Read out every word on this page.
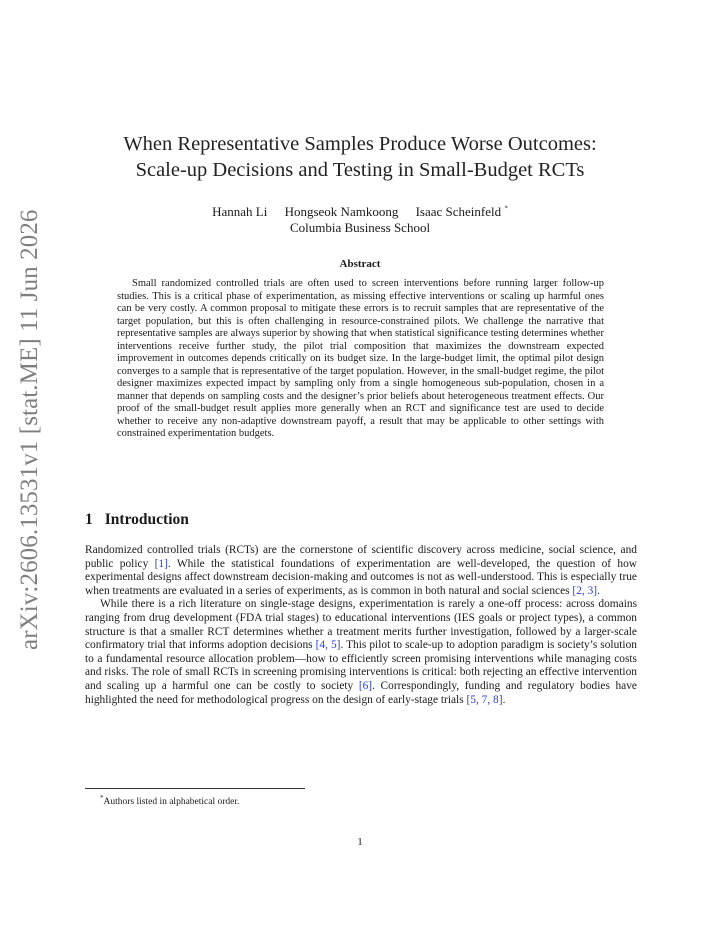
arXiv:2606.13531v1 [stat.ME] 11 Jun 2026
When Representative Samples Produce Worse Outcomes:
Scale-up Decisions and Testing in Small-Budget RCTs
Hannah Li Hongseok Namkoong Isaac Scheinfeld *
Columbia Business School
Abstract
Small randomized controlled trials are often used to screen interventions before running larger follow-up studies. This is a critical phase of experimentation, as missing effective interventions or scaling up harmful ones can be very costly. A common proposal to mitigate these errors is to recruit samples that are representative of the target population, but this is often challenging in resource-constrained pilots. We challenge the narrative that representative samples are always superior by showing that when statistical significance testing determines whether interventions receive further study, the pilot trial composition that maximizes the downstream expected improvement in outcomes depends critically on its budget size. In the large-budget limit, the optimal pilot design converges to a sample that is representative of the target population. However, in the small-budget regime, the pilot designer maximizes expected impact by sampling only from a single homogeneous sub-population, chosen in a manner that depends on sampling costs and the designer’s prior beliefs about heterogeneous treatment effects. Our proof of the small-budget result applies more generally when an RCT and significance test are used to decide whether to receive any non-adaptive downstream payoff, a result that may be applicable to other settings with constrained experimentation budgets.
1 Introduction

Randomized controlled trials (RCTs) are the cornerstone of scientific discovery across medicine, social science, and public policy [1]. While the statistical foundations of experimentation are well-developed, the question of how experimental designs affect downstream decision-making and outcomes is not as well-understood. This is especially true when treatments are evaluated in a series of experiments, as is common in both natural and social sciences [2, 3].

While there is a rich literature on single-stage designs, experimentation is rarely a one-off process: across domains ranging from drug development (FDA trial stages) to educational interventions (IES goals or project types), a common structure is that a smaller RCT determines whether a treatment merits further investigation, followed by a larger-scale confirmatory trial that informs adoption decisions [4, 5]. This pilot to scale-up to adoption paradigm is society’s solution to a fundamental resource allocation problem—how to efficiently screen promising interventions while managing costs and risks. The role of small RCTs in screening promising interventions is critical: both rejecting an effective intervention and scaling up a harmful one can be costly to society [6]. Correspondingly, funding and regulatory bodies have highlighted the need for methodological progress on the design of early-stage trials [5, 7, 8].

*Authors listed in alphabetical order.
1
